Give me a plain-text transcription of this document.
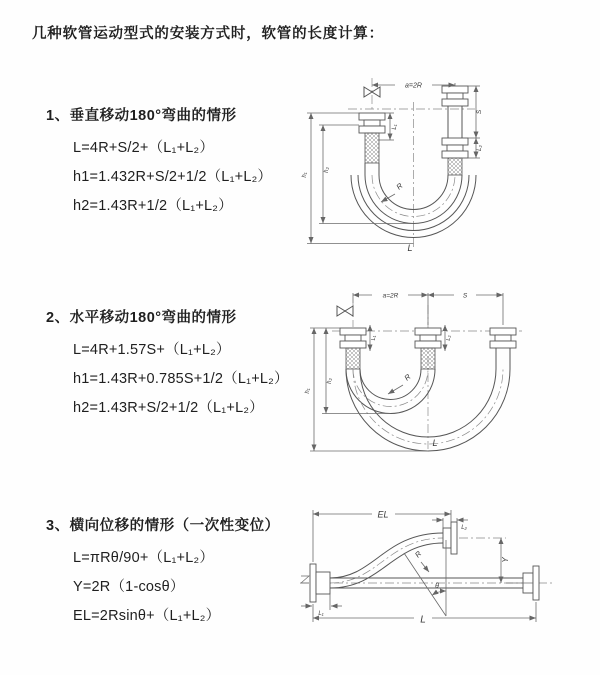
几种软管运动型式的安装方式时，软管的长度计算：

1、垂直移动180°弯曲的情形

L=4R+S/2+（L₁+L₂）

h1=1.432R+S/2+1/2（L₁+L₂）

h2=1.43R+1/2（L₁+L₂）

2、水平移动180°弯曲的情形

L=4R+1.57S+（L₁+L₂）

h1=1.43R+0.785S+1/2（L₁+L₂）

h2=1.43R+S/2+1/2（L₁+L₂）

3、横向位移的情形（一次性变位）

L=πRθ/90+（L₁+L₂）

Y=2R（1-cosθ）

EL=2Rsinθ+（L₁+L₂）

a=2R
L₁
S
L₂
h₁
h₂
R
L
a=2R	S
L₁	L₂
h₁
h₂	R
L
EL
L₂
Y
θ
R
L
L₁
